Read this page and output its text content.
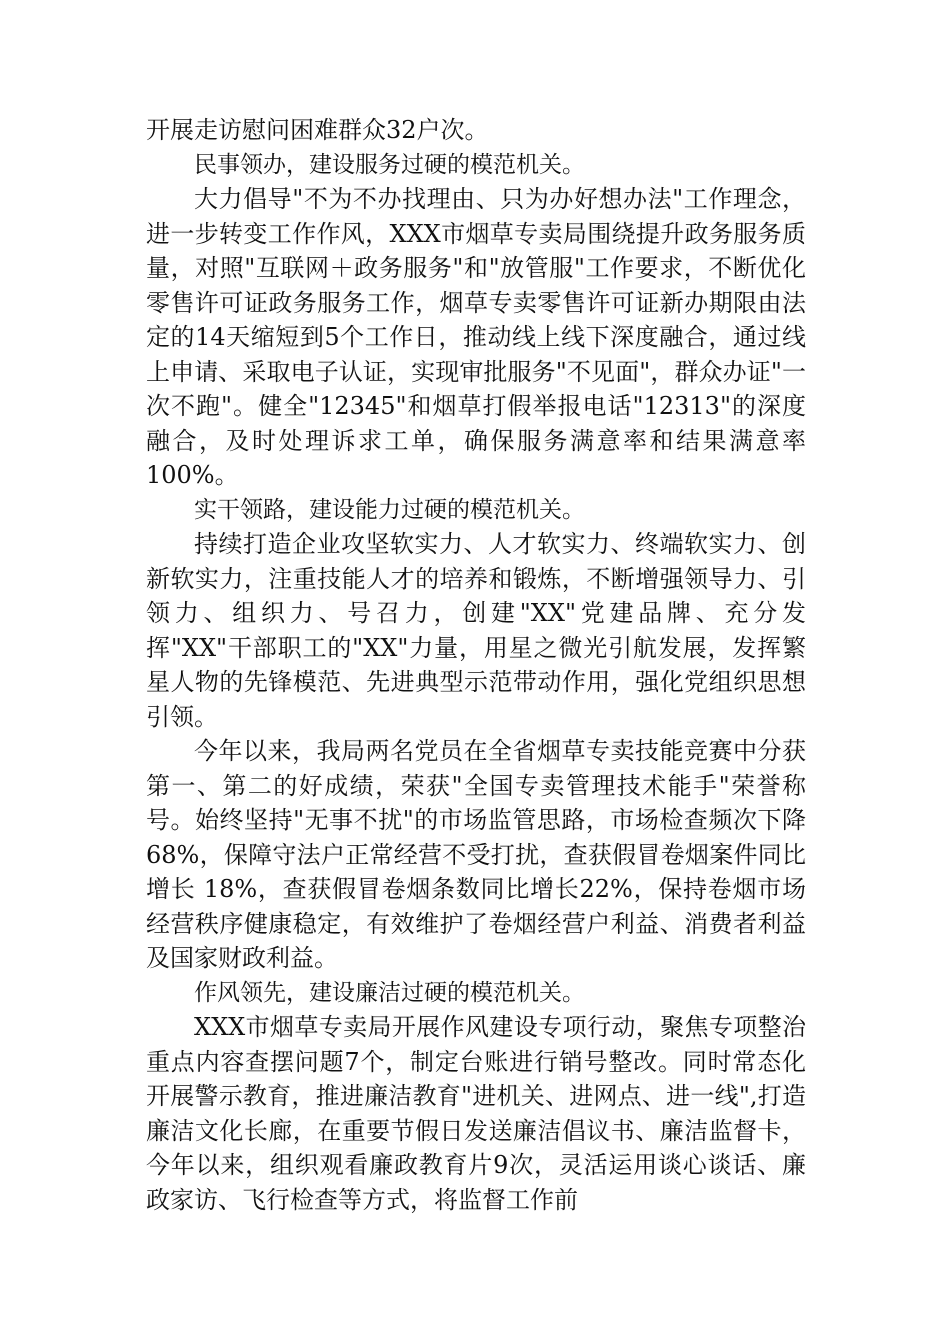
开展走访慰问困难群众32户次。

民事领办，建设服务过硬的模范机关。

大力倡导"不为不办找理由、只为办好想办法"工作理念，进一步转变工作作风，XXX市烟草专卖局围绕提升政务服务质量，对照"互联网＋政务服务"和"放管服"工作要求，不断优化零售许可证政务服务工作，烟草专卖零售许可证新办期限由法定的14天缩短到5个工作日，推动线上线下深度融合，通过线上申请、采取电子认证，实现审批服务"不见面"，群众办证"一次不跑"。健全"12345"和烟草打假举报电话"12313"的深度融合，及时处理诉求工单，确保服务满意率和结果满意率100%。

实干领路，建设能力过硬的模范机关。

持续打造企业攻坚软实力、人才软实力、终端软实力、创新软实力，注重技能人才的培养和锻炼，不断增强领导力、引领力、组织力、号召力，创建"XX"党建品牌、充分发挥"XX"干部职工的"XX"力量，用星之微光引航发展，发挥繁星人物的先锋模范、先进典型示范带动作用，强化党组织思想引领。

今年以来，我局两名党员在全省烟草专卖技能竞赛中分获第一、第二的好成绩，荣获"全国专卖管理技术能手"荣誉称号。始终坚持"无事不扰"的市场监管思路，市场检查频次下降68%，保障守法户正常经营不受打扰，查获假冒卷烟案件同比增长 18%，查获假冒卷烟条数同比增长22%，保持卷烟市场经营秩序健康稳定，有效维护了卷烟经营户利益、消费者利益及国家财政利益。

作风领先，建设廉洁过硬的模范机关。

XXX市烟草专卖局开展作风建设专项行动，聚焦专项整治重点内容查摆问题7个，制定台账进行销号整改。同时常态化开展警示教育，推进廉洁教育"进机关、进网点、进一线",打造廉洁文化长廊，在重要节假日发送廉洁倡议书、廉洁监督卡，今年以来，组织观看廉政教育片9次，灵活运用谈心谈话、廉政家访、飞行检查等方式，将监督工作前
